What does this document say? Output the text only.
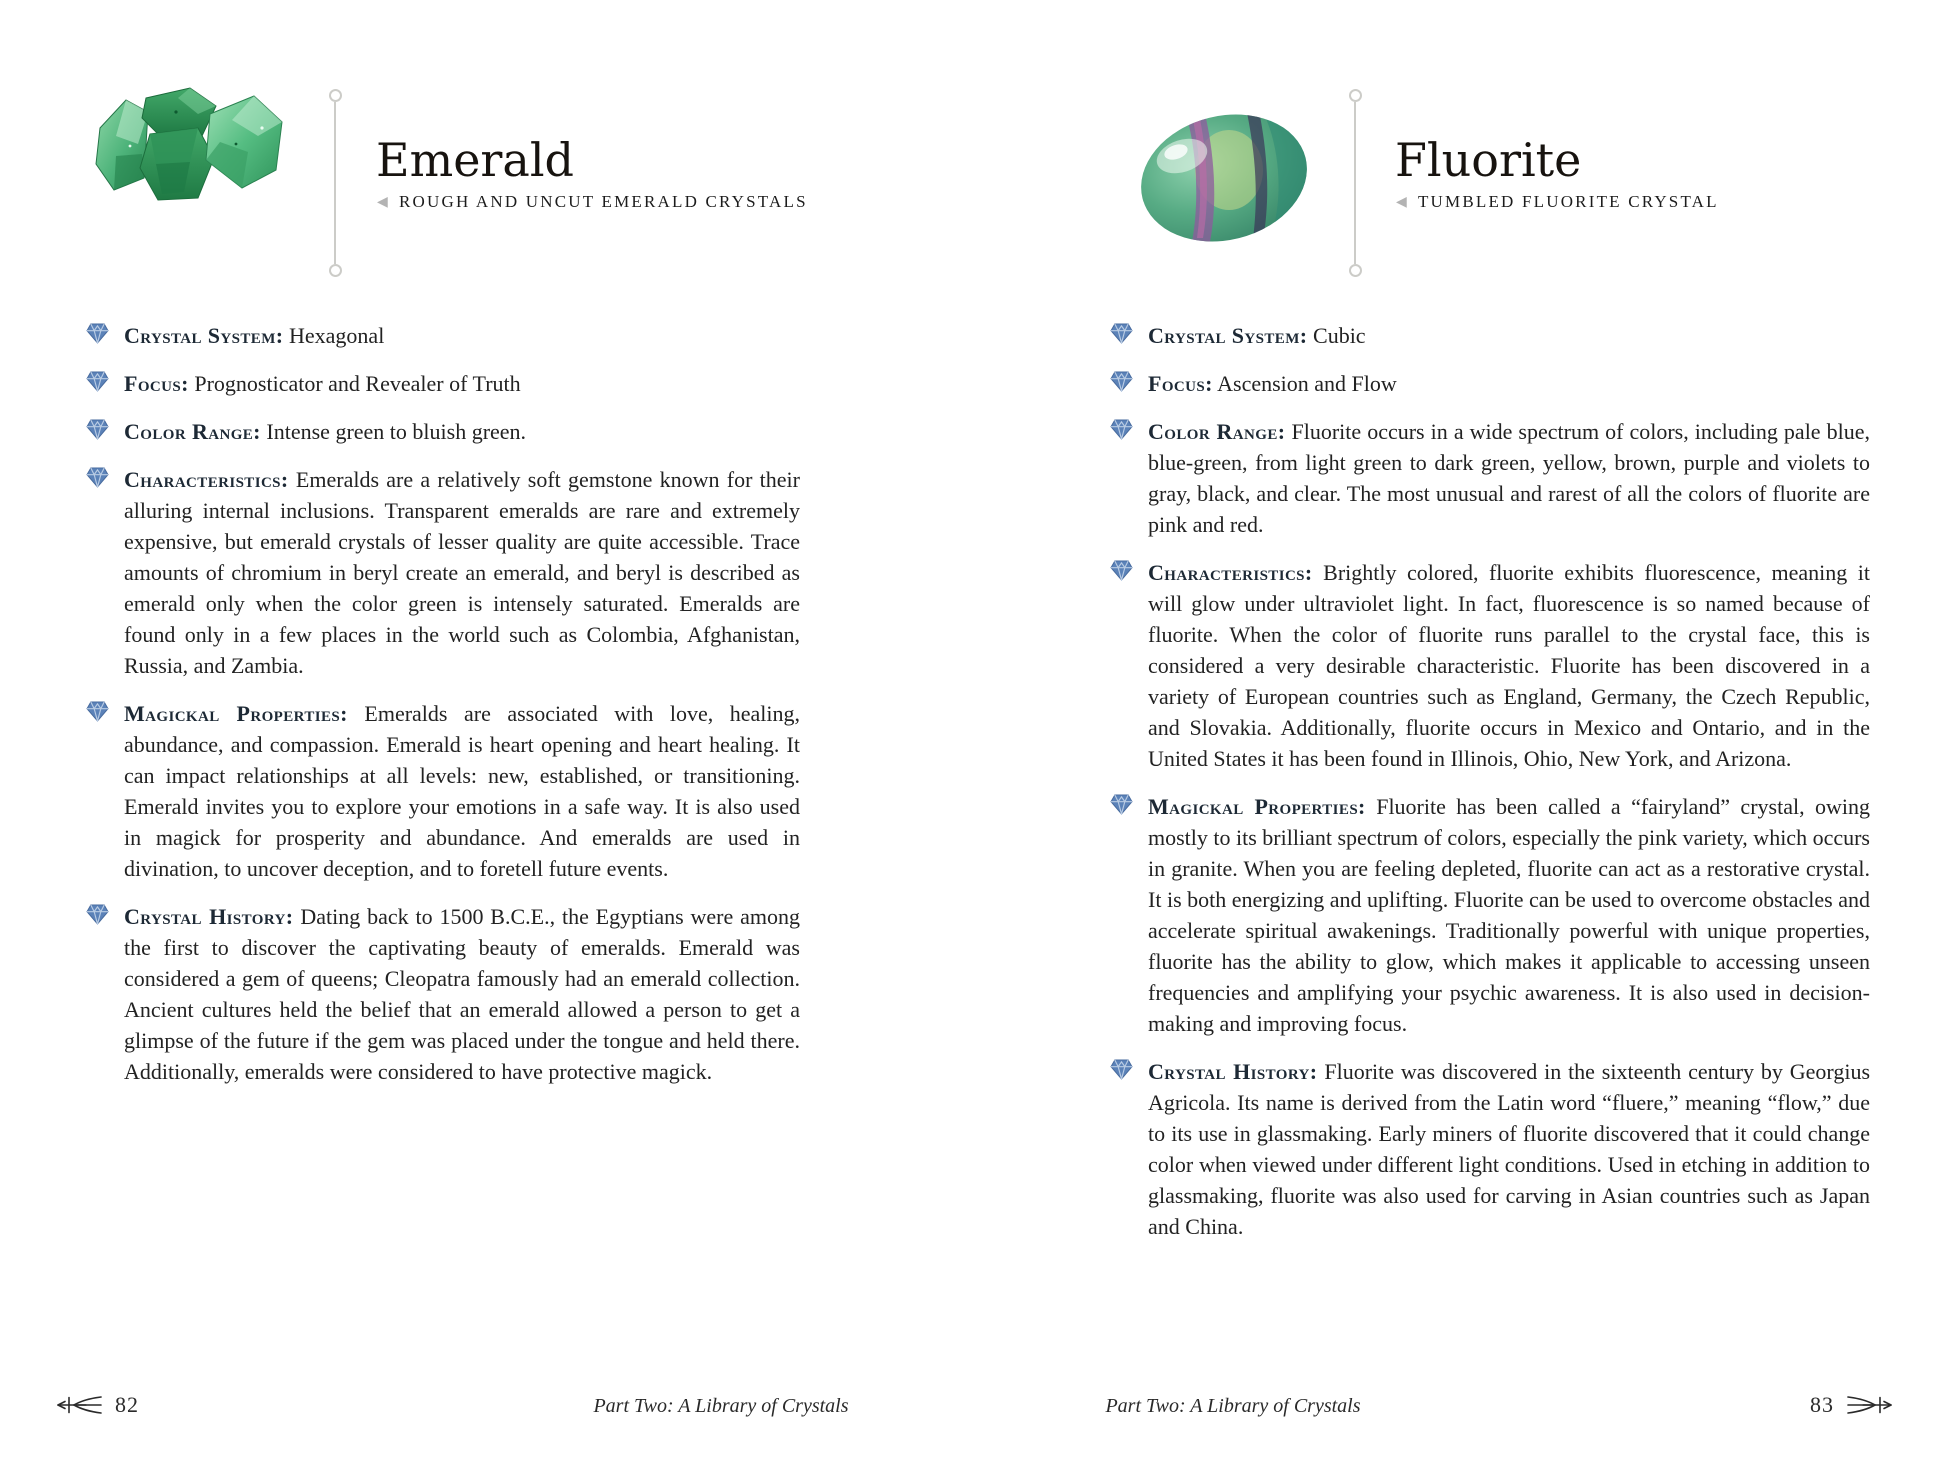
Emerald
◀ ROUGH AND UNCUT EMERALD CRYSTALS

Crystal System: Hexagonal

Focus: Prognosticator and Revealer of Truth

Color Range: Intense green to bluish green.

Characteristics: Emeralds are a relatively soft gemstone known for their alluring internal inclusions. Transparent emeralds are rare and extremely expensive, but emerald crystals of lesser quality are quite accessible. Trace amounts of chromium in beryl create an emerald, and beryl is described as emerald only when the color green is intensely saturated. Emeralds are found only in a few places in the world such as Colombia, Afghanistan, Russia, and Zambia.

Magickal Properties: Emeralds are associated with love, healing, abundance, and compassion. Emerald is heart opening and heart healing. It can impact relationships at all levels: new, established, or transitioning. Emerald invites you to explore your emotions in a safe way. It is also used in magick for prosperity and abundance. And emeralds are used in divination, to uncover deception, and to foretell future events.

Crystal History: Dating back to 1500 B.C.E., the Egyptians were among the first to discover the captivating beauty of emeralds. Emerald was considered a gem of queens; Cleopatra famously had an emerald collection. Ancient cultures held the belief that an emerald allowed a person to get a glimpse of the future if the gem was placed under the tongue and held there. Additionally, emeralds were considered to have protective magick.

Fluorite
◀ TUMBLED FLUORITE CRYSTAL

Crystal System: Cubic

Focus: Ascension and Flow

Color Range: Fluorite occurs in a wide spectrum of colors, including pale blue, blue-green, from light green to dark green, yellow, brown, purple and violets to gray, black, and clear. The most unusual and rarest of all the colors of fluorite are pink and red.

Characteristics: Brightly colored, fluorite exhibits fluorescence, meaning it will glow under ultraviolet light. In fact, fluorescence is so named because of fluorite. When the color of fluorite runs parallel to the crystal face, this is considered a very desirable characteristic. Fluorite has been discovered in a variety of European countries such as England, Germany, the Czech Republic, and Slovakia. Additionally, fluorite occurs in Mexico and Ontario, and in the United States it has been found in Illinois, Ohio, New York, and Arizona.

Magickal Properties: Fluorite has been called a “fairyland” crystal, owing mostly to its brilliant spectrum of colors, especially the pink variety, which occurs in granite. When you are feeling depleted, fluorite can act as a restorative crystal. It is both energizing and uplifting. Fluorite can be used to overcome obstacles and accelerate spiritual awakenings. Traditionally powerful with unique properties, fluorite has the ability to glow, which makes it applicable to accessing unseen frequencies and amplifying your psychic awareness. It is also used in decision-making and improving focus.

Crystal History: Fluorite was discovered in the sixteenth century by Georgius Agricola. Its name is derived from the Latin word “fluere,” meaning “flow,” due to its use in glassmaking. Early miners of fluorite discovered that it could change color when viewed under different light conditions. Used in etching in addition to glassmaking, fluorite was also used for carving in Asian countries such as Japan and China.

82	Part Two: A Library of Crystals	Part Two: A Library of Crystals	83
